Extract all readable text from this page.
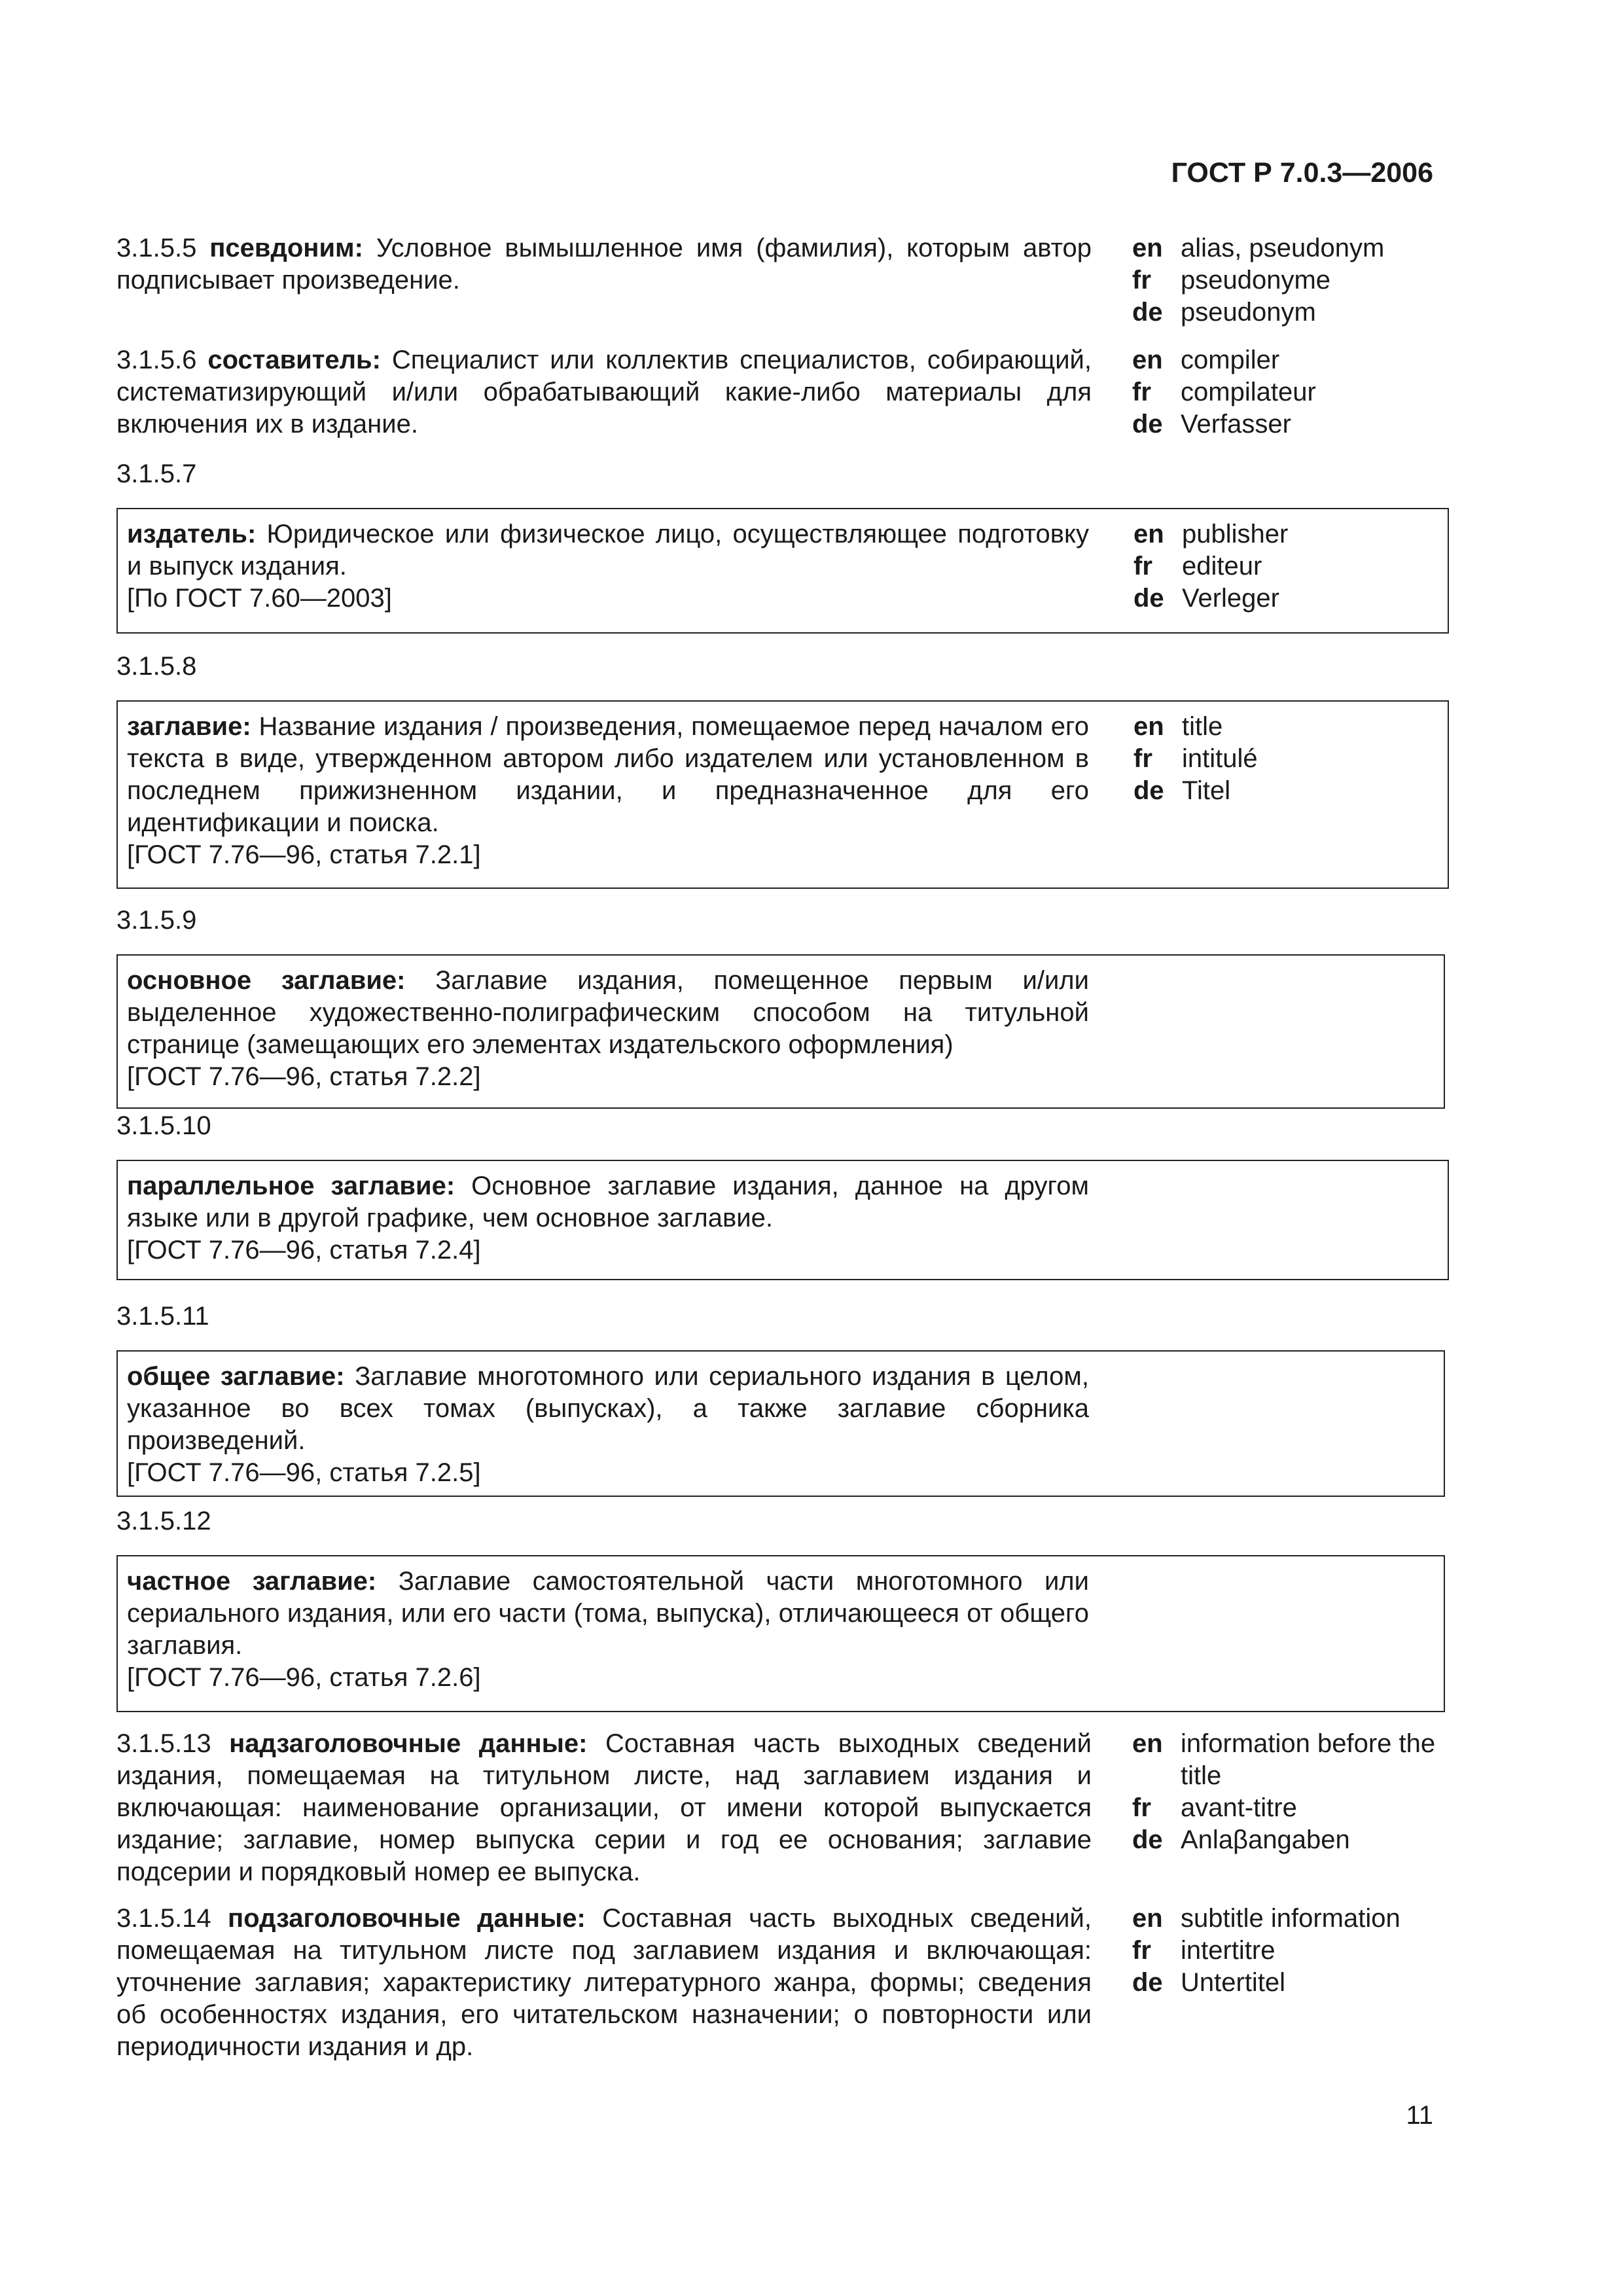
ГОСТ Р 7.0.3—2006
3.1.5.5 псевдоним: Условное вымышленное имя (фамилия), которым автор подписывает произведение.
en alias, pseudonym
fr	pseudonyme
de pseudonym
3.1.5.6 составитель: Специалист или коллектив специалистов, собирающий, систематизирующий и/или обрабатывающий какие-либо материалы для включения их в издание.
en compiler
fr	compilateur
de Verfasser
3.1.5.7
издатель: Юридическое или физическое лицо, осуществляющее подготовку и выпуск издания.
[По ГОСТ 7.60—2003]
en publisher
fr	editeur
de Verleger
3.1.5.8
заглавие: Название издания / произведения, помещаемое перед началом его текста в виде, утвержденном автором либо издателем или установленном в последнем прижизненном издании, и предназначенное для его идентификации и поиска.
[ГОСТ 7.76—96, статья 7.2.1]
en title
fr	intitulé
de Titel
3.1.5.9
основное заглавие: Заглавие издания, помещенное первым и/или выделенное художественно-полиграфическим способом на титульной странице (замещающих его элементах издательского оформления)
[ГОСТ 7.76—96, статья 7.2.2]
3.1.5.10
параллельное заглавие: Основное заглавие издания, данное на другом языке или в другой графике, чем основное заглавие.
[ГОСТ 7.76—96, статья 7.2.4]
3.1.5.11
общее заглавие: Заглавие многотомного или сериального издания в целом, указанное во всех томах (выпусках), а также заглавие сборника произведений.
[ГОСТ 7.76—96, статья 7.2.5]
3.1.5.12
частное заглавие: Заглавие самостоятельной части многотомного или сериального издания, или его части (тома, выпуска), отличающееся от общего заглавия.
[ГОСТ 7.76—96, статья 7.2.6]
3.1.5.13 надзаголовочные данные: Составная часть выходных сведений издания, помещаемая на титульном листе, над заглавием издания и включающая: наименование организации, от имени которой выпускается издание; заглавие, номер выпуска серии и год ее основания; заглавие подсерии и порядковый номер ее выпуска.
en information before the title
fr	avant-titre
de Anlaβangaben
3.1.5.14 подзаголовочные данные: Составная часть выходных сведений, помещаемая на титульном листе под заглавием издания и включающая: уточнение заглавия; характеристику литературного жанра, формы; сведения об особенностях издания, его читательском назначении; о повторности или периодичности издания и др.
en subtitle information
fr	intertitre
de Untertitel
11
